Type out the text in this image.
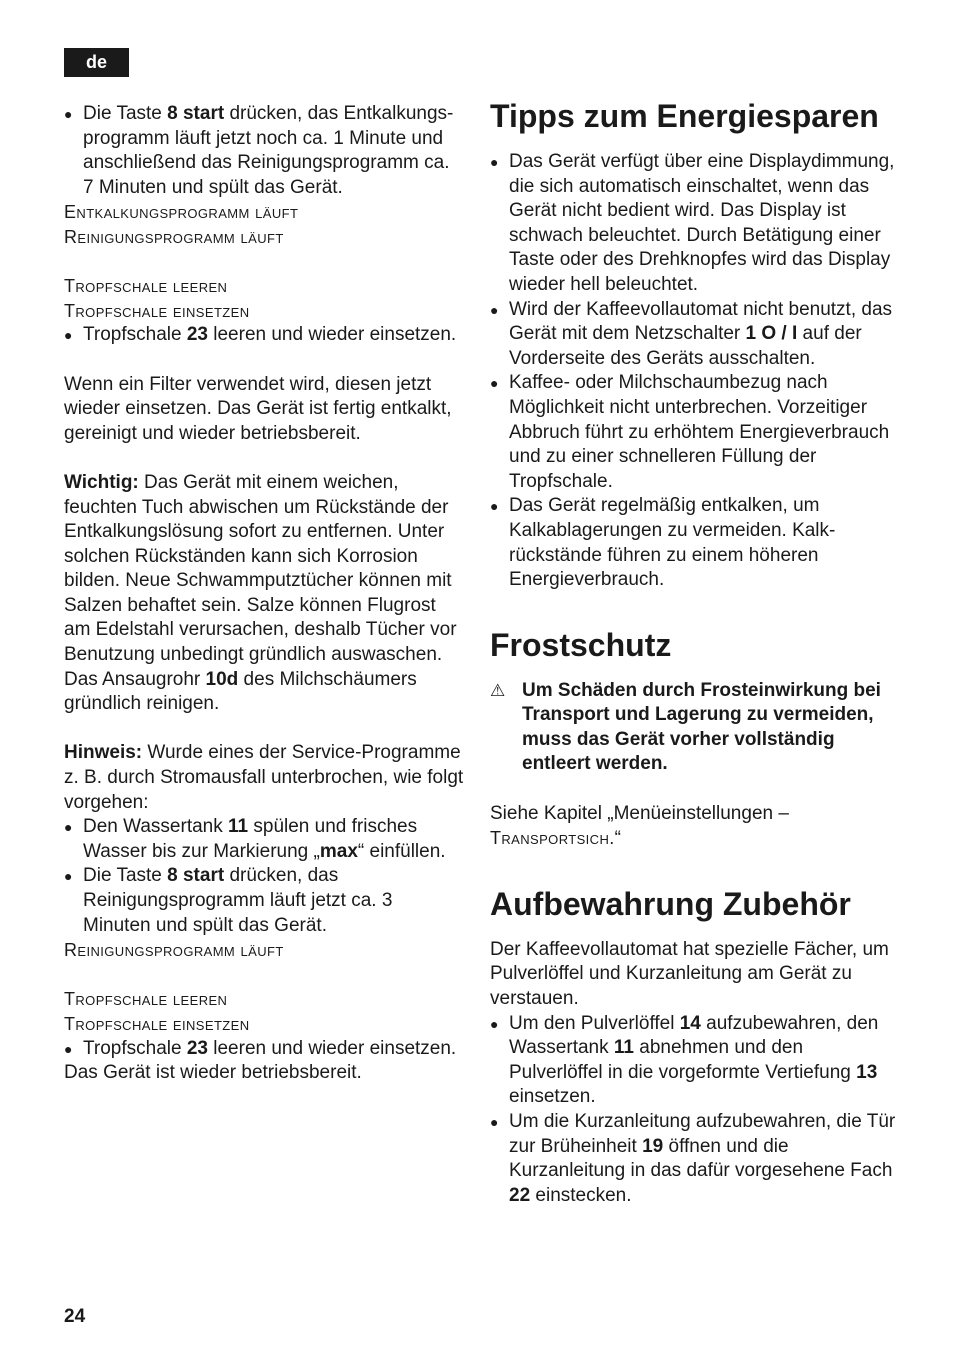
de

● Die Taste 8 start drücken, das Entkalkungsprogramm läuft jetzt noch ca. 1 Minute und anschließend das Reinigungsprogramm ca. 7 Minuten und spült das Gerät.

Entkalkungsprogramm läuft

Reinigungsprogramm läuft

Tropfschale leeren

Tropfschale einsetzen

● Tropfschale 23 leeren und wieder einsetzen.

Wenn ein Filter verwendet wird, diesen jetzt wieder einsetzen. Das Gerät ist fertig entkalkt, gereinigt und wieder betriebsbereit.

Wichtig: Das Gerät mit einem weichen, feuchten Tuch abwischen um Rückstände der Entkalkungslösung sofort zu entfernen. Unter solchen Rückständen kann sich Korrosion bilden. Neue Schwammputztücher können mit Salzen behaftet sein. Salze können Flugrost am Edelstahl verursachen, deshalb Tücher vor Benutzung unbedingt gründlich auswaschen. Das Ansaugrohr 10d des Milchschäumers gründlich reinigen.

Hinweis: Wurde eines der Service-Programme z. B. durch Stromausfall unterbrochen, wie folgt vorgehen:

● Den Wassertank 11 spülen und frisches Wasser bis zur Markierung „max“ einfüllen.

● Die Taste 8 start drücken, das Reinigungsprogramm läuft jetzt ca. 3 Minuten und spült das Gerät.

Reinigungsprogramm läuft

Tropfschale leeren

Tropfschale einsetzen

● Tropfschale 23 leeren und wieder einsetzen.

Das Gerät ist wieder betriebsbereit.

Tipps zum Energiesparen

● Das Gerät verfügt über eine Displaydimmung, die sich automatisch einschaltet, wenn das Gerät nicht bedient wird. Das Display ist schwach beleuchtet. Durch Betätigung einer Taste oder des Drehknopfes wird das Display wieder hell beleuchtet.

● Wird der Kaffeevollautomat nicht benutzt, das Gerät mit dem Netzschalter 1 O / I auf der Vorderseite des Geräts ausschalten.

● Kaffee- oder Milchschaumbezug nach Möglichkeit nicht unterbrechen. Vorzeitiger Abbruch führt zu erhöhtem Energieverbrauch und zu einer schnelleren Füllung der Tropfschale.

● Das Gerät regelmäßig entkalken, um Kalkablagerungen zu vermeiden. Kalkrückstände führen zu einem höheren Energieverbrauch.

Frostschutz

⚠ Um Schäden durch Frosteinwirkung bei Transport und Lagerung zu vermeiden, muss das Gerät vorher vollständig entleert werden.

Siehe Kapitel „Menüeinstellungen – Transportsich.“

Aufbewahrung Zubehör

Der Kaffeevollautomat hat spezielle Fächer, um Pulverlöffel und Kurzanleitung am Gerät zu verstauen.

● Um den Pulverlöffel 14 aufzubewahren, den Wassertank 11 abnehmen und den Pulverlöffel in die vorgeformte Vertiefung 13 einsetzen.

● Um die Kurzanleitung aufzubewahren, die Tür zur Brüheinheit 19 öffnen und die Kurzanleitung in das dafür vorgesehene Fach 22 einstecken.

24
